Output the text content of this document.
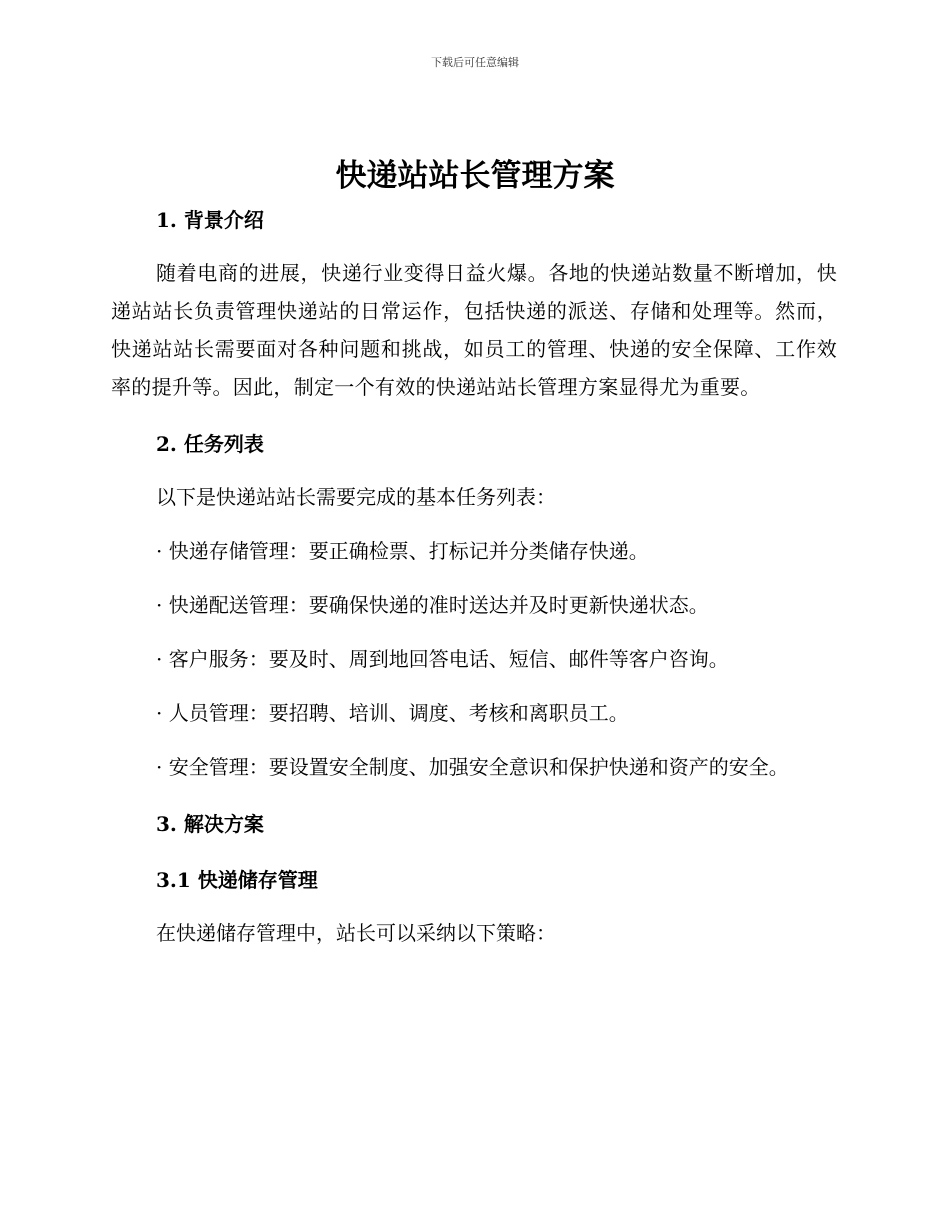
下载后可任意编辑
快递站站长管理方案
1. 背景介绍

随着电商的进展，快递行业变得日益火爆。各地的快递站数量不断增加，快递站站长负责管理快递站的日常运作，包括快递的派送、存储和处理等。然而，快递站站长需要面对各种问题和挑战，如员工的管理、快递的安全保障、工作效率的提升等。因此，制定一个有效的快递站站长管理方案显得尤为重要。

2. 任务列表

以下是快递站站长需要完成的基本任务列表：

· 快递存储管理：要正确检票、打标记并分类储存快递。

· 快递配送管理：要确保快递的准时送达并及时更新快递状态。

· 客户服务：要及时、周到地回答电话、短信、邮件等客户咨询。

· 人员管理：要招聘、培训、调度、考核和离职员工。

· 安全管理：要设置安全制度、加强安全意识和保护快递和资产的安全。

3. 解决方案
3.1 快递储存管理

在快递储存管理中，站长可以采纳以下策略：
